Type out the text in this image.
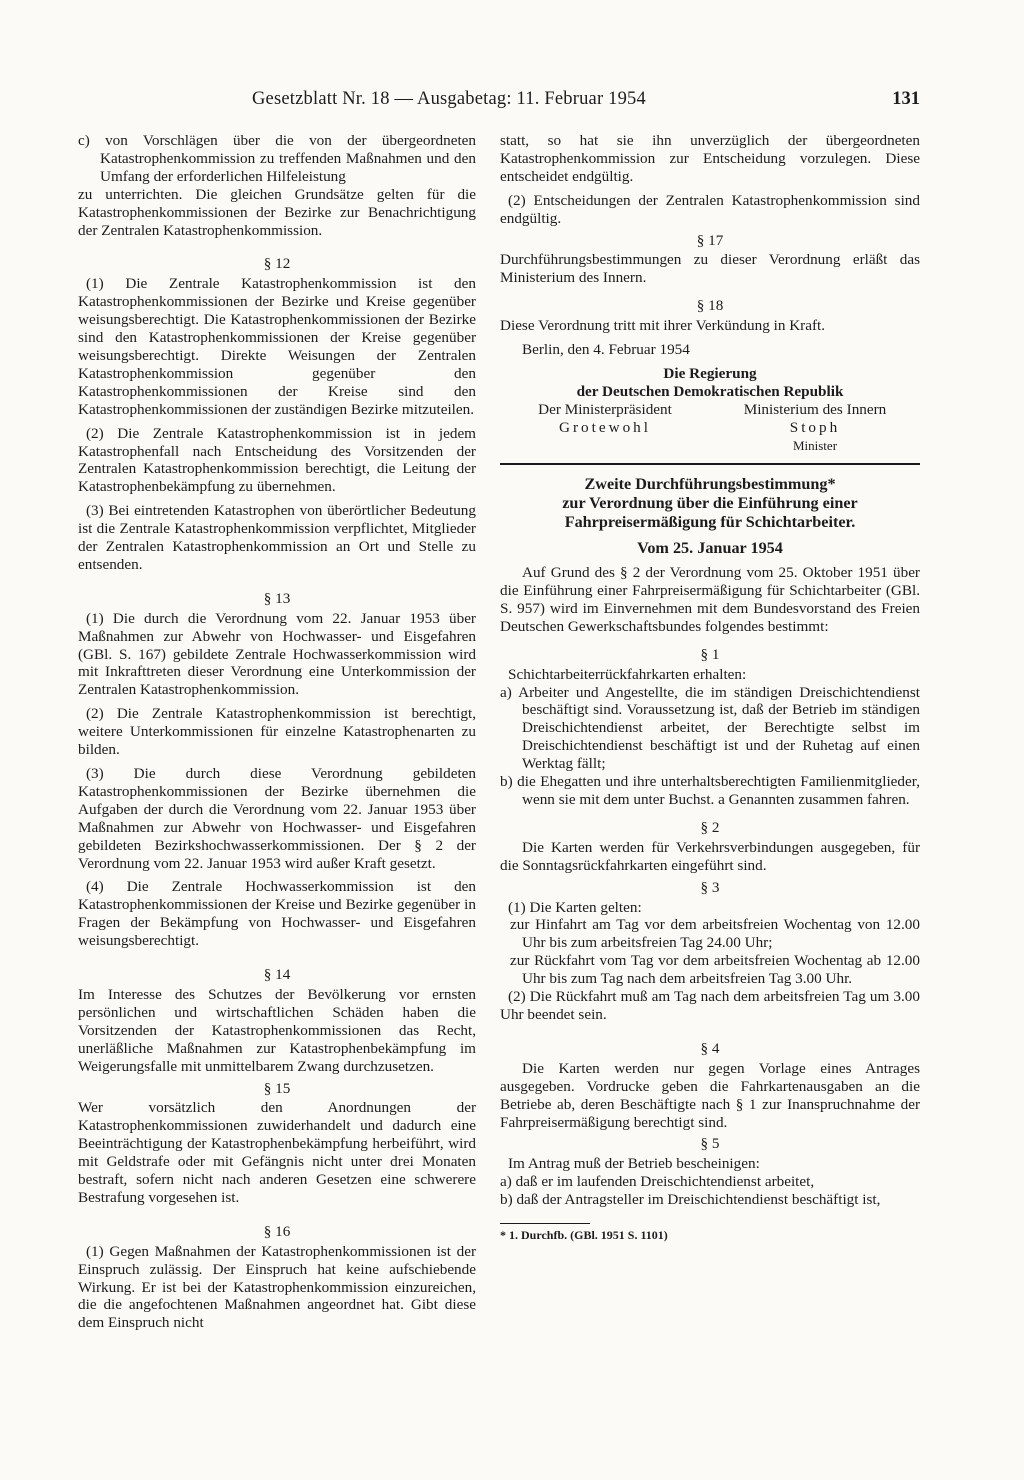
Gesetzblatt Nr. 18 — Ausgabetag: 11. Februar 1954	131

c) von Vorschlägen über die von der übergeordneten Katastrophenkommission zu treffenden Maßnahmen und den Umfang der erforderlichen Hilfeleistung

zu unterrichten. Die gleichen Grundsätze gelten für die Katastrophenkommissionen der Bezirke zur Benachrichtigung der Zentralen Katastrophenkommission.

§ 12

(1) Die Zentrale Katastrophenkommission ist den Katastrophenkommissionen der Bezirke und Kreise gegenüber weisungsberechtigt. Die Katastrophenkommissionen der Bezirke sind den Katastrophenkommissionen der Kreise gegenüber weisungsberechtigt. Direkte Weisungen der Zentralen Katastrophenkommission gegenüber den Katastrophenkommissionen der Kreise sind den Katastrophenkommissionen der zuständigen Bezirke mitzuteilen.

(2) Die Zentrale Katastrophenkommission ist in jedem Katastrophenfall nach Entscheidung des Vorsitzenden der Zentralen Katastrophenkommission berechtigt, die Leitung der Katastrophenbekämpfung zu übernehmen.

(3) Bei eintretenden Katastrophen von überörtlicher Bedeutung ist die Zentrale Katastrophenkommission verpflichtet, Mitglieder der Zentralen Katastrophenkommission an Ort und Stelle zu entsenden.

§ 13

(1) Die durch die Verordnung vom 22. Januar 1953 über Maßnahmen zur Abwehr von Hochwasser- und Eisgefahren (GBl. S. 167) gebildete Zentrale Hochwasserkommission wird mit Inkrafttreten dieser Verordnung eine Unterkommission der Zentralen Katastrophenkommission.

(2) Die Zentrale Katastrophenkommission ist berechtigt, weitere Unterkommissionen für einzelne Katastrophenarten zu bilden.

(3) Die durch diese Verordnung gebildeten Katastrophenkommissionen der Bezirke übernehmen die Aufgaben der durch die Verordnung vom 22. Januar 1953 über Maßnahmen zur Abwehr von Hochwasser- und Eisgefahren gebildeten Bezirkshochwasserkommissionen. Der § 2 der Verordnung vom 22. Januar 1953 wird außer Kraft gesetzt.

(4) Die Zentrale Hochwasserkommission ist den Katastrophenkommissionen der Kreise und Bezirke gegenüber in Fragen der Bekämpfung von Hochwasser- und Eisgefahren weisungsberechtigt.

§ 14

Im Interesse des Schutzes der Bevölkerung vor ernsten persönlichen und wirtschaftlichen Schäden haben die Vorsitzenden der Katastrophenkommissionen das Recht, unerläßliche Maßnahmen zur Katastrophenbekämpfung im Weigerungsfalle mit unmittelbarem Zwang durchzusetzen.

§ 15

Wer vorsätzlich den Anordnungen der Katastrophenkommissionen zuwiderhandelt und dadurch eine Beeinträchtigung der Katastrophenbekämpfung herbeiführt, wird mit Geldstrafe oder mit Gefängnis nicht unter drei Monaten bestraft, sofern nicht nach anderen Gesetzen eine schwerere Bestrafung vorgesehen ist.

§ 16

(1) Gegen Maßnahmen der Katastrophenkommissionen ist der Einspruch zulässig. Der Einspruch hat keine aufschiebende Wirkung. Er ist bei der Katastrophenkommission einzureichen, die die angefochtenen Maßnahmen angeordnet hat. Gibt diese dem Einspruch nicht

statt, so hat sie ihn unverzüglich der übergeordneten Katastrophenkommission zur Entscheidung vorzulegen. Diese entscheidet endgültig.

(2) Entscheidungen der Zentralen Katastrophenkommission sind endgültig.

§ 17

Durchführungsbestimmungen zu dieser Verordnung erläßt das Ministerium des Innern.

§ 18

Diese Verordnung tritt mit ihrer Verkündung in Kraft.

Berlin, den 4. Februar 1954

Die Regierung
der Deutschen Demokratischen Republik
Der Ministerpräsident
Grotewohl
Ministerium des Innern
Stoph
Minister
Zweite Durchführungsbestimmung*
zur Verordnung über die Einführung einer
Fahrpreisermäßigung für Schichtarbeiter.
Vom 25. Januar 1954

Auf Grund des § 2 der Verordnung vom 25. Oktober 1951 über die Einführung einer Fahrpreisermäßigung für Schichtarbeiter (GBl. S. 957) wird im Einvernehmen mit dem Bundesvorstand des Freien Deutschen Gewerkschaftsbundes folgendes bestimmt:

§ 1

Schichtarbeiterrückfahrkarten erhalten:

a) Arbeiter und Angestellte, die im ständigen Dreischichtendienst beschäftigt sind. Voraussetzung ist, daß der Betrieb im ständigen Dreischichtendienst arbeitet, der Berechtigte selbst im Dreischichtendienst beschäftigt ist und der Ruhetag auf einen Werktag fällt;

b) die Ehegatten und ihre unterhaltsberechtigten Familienmitglieder, wenn sie mit dem unter Buchst. a Genannten zusammen fahren.

§ 2

Die Karten werden für Verkehrsverbindungen ausgegeben, für die Sonntagsrückfahrkarten eingeführt sind.

§ 3

(1) Die Karten gelten:

zur Hinfahrt am Tag vor dem arbeitsfreien Wochentag von 12.00 Uhr bis zum arbeitsfreien Tag 24.00 Uhr;

zur Rückfahrt vom Tag vor dem arbeitsfreien Wochentag ab 12.00 Uhr bis zum Tag nach dem arbeitsfreien Tag 3.00 Uhr.

(2) Die Rückfahrt muß am Tag nach dem arbeitsfreien Tag um 3.00 Uhr beendet sein.

§ 4

Die Karten werden nur gegen Vorlage eines Antrages ausgegeben. Vordrucke geben die Fahrkartenausgaben an die Betriebe ab, deren Beschäftigte nach § 1 zur Inanspruchnahme der Fahrpreisermäßigung berechtigt sind.

§ 5

Im Antrag muß der Betrieb bescheinigen:

a) daß er im laufenden Dreischichtendienst arbeitet,

b) daß der Antragsteller im Dreischichtendienst beschäftigt ist,

* 1. Durchfb. (GBl. 1951 S. 1101)
